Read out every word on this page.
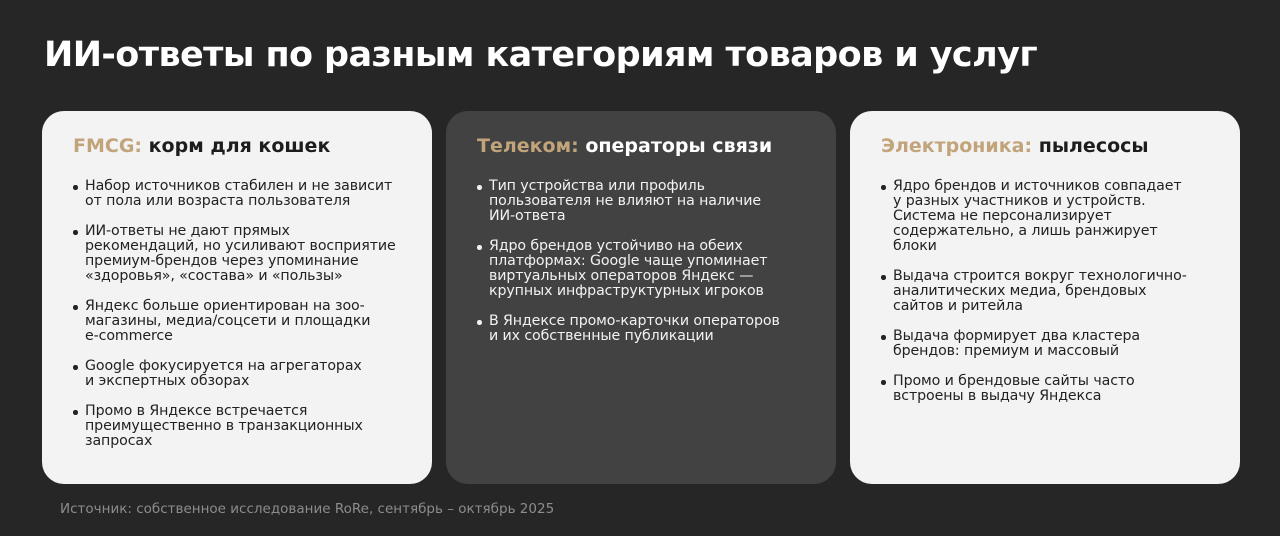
ИИ-ответы по разным категориям товаров и услуг
FMCG: корм для кошек
Набор источников стабилен и не зависит
от пола или возраста пользователя
ИИ-ответы не дают прямых
рекомендаций, но усиливают восприятие
премиум-брендов через упоминание
«здоровья», «состава» и «пользы»
Яндекс больше ориентирован на зоо-
магазины, медиа/соцсети и площадки
e-commerce
Google фокусируется на агрегаторах
и экспертных обзорах
Промо в Яндексе встречается
преимущественно в транзакционных
запросах
Телеком: операторы связи
Тип устройства или профиль
пользователя не влияют на наличие
ИИ-ответа
Ядро брендов устойчиво на обеих
платформах: Google чаще упоминает
виртуальных операторов Яндекс —
крупных инфраструктурных игроков
В Яндексе промо-карточки операторов
и их собственные публикации
Электроника: пылесосы
Ядро брендов и источников совпадает
у разных участников и устройств.
Система не персонализирует
содержательно, а лишь ранжирует
блоки
Выдача строится вокруг технологично-
аналитических медиа, брендовых
сайтов и ритейла
Выдача формирует два кластера
брендов: премиум и массовый
Промо и брендовые сайты часто
встроены в выдачу Яндекса

Источник: собственное исследование RoRe, сентябрь – октябрь 2025
